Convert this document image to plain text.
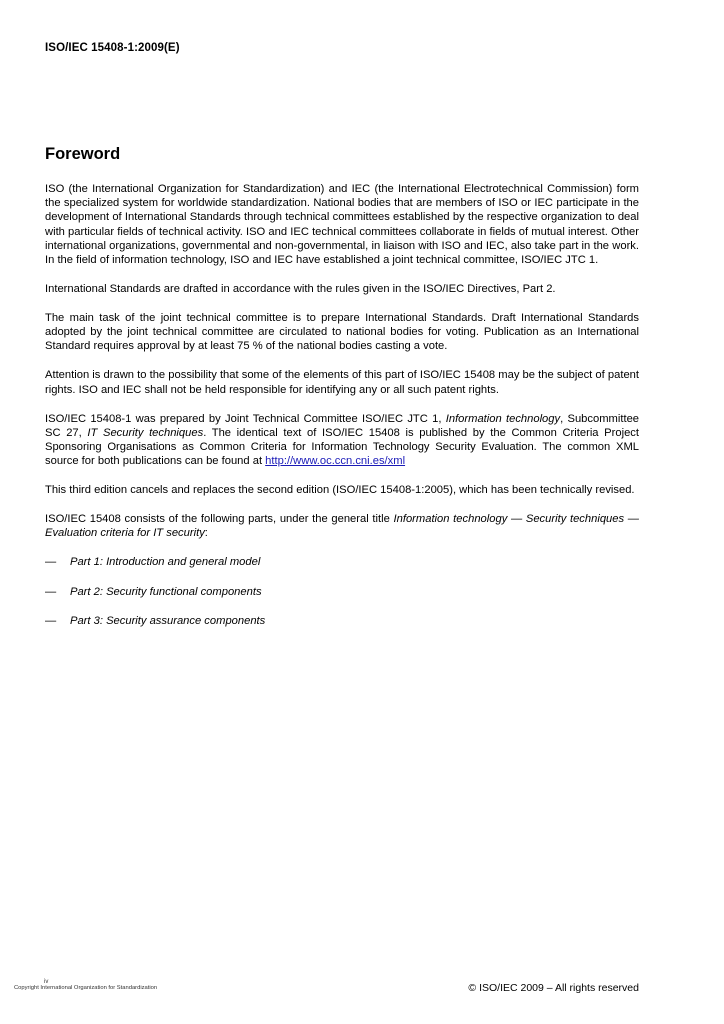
ISO/IEC 15408-1:2009(E)
Foreword

ISO (the International Organization for Standardization) and IEC (the International Electrotechnical Commission) form the specialized system for worldwide standardization. National bodies that are members of ISO or IEC participate in the development of International Standards through technical committees established by the respective organization to deal with particular fields of technical activity. ISO and IEC technical committees collaborate in fields of mutual interest. Other international organizations, governmental and non-governmental, in liaison with ISO and IEC, also take part in the work. In the field of information technology, ISO and IEC have established a joint technical committee, ISO/IEC JTC 1.

International Standards are drafted in accordance with the rules given in the ISO/IEC Directives, Part 2.

The main task of the joint technical committee is to prepare International Standards. Draft International Standards adopted by the joint technical committee are circulated to national bodies for voting. Publication as an International Standard requires approval by at least 75 % of the national bodies casting a vote.

Attention is drawn to the possibility that some of the elements of this part of ISO/IEC 15408 may be the subject of patent rights. ISO and IEC shall not be held responsible for identifying any or all such patent rights.

ISO/IEC 15408-1 was prepared by Joint Technical Committee ISO/IEC JTC 1, Information technology, Subcommittee SC 27, IT Security techniques. The identical text of ISO/IEC 15408 is published by the Common Criteria Project Sponsoring Organisations as Common Criteria for Information Technology Security Evaluation. The common XML source for both publications can be found at http://www.oc.ccn.cni.es/xml

This third edition cancels and replaces the second edition (ISO/IEC 15408-1:2005), which has been technically revised.

ISO/IEC 15408 consists of the following parts, under the general title Information technology — Security techniques — Evaluation criteria for IT security:

— Part 1: Introduction and general model
— Part 2: Security functional components
— Part 3: Security assurance components
iv
Copyright International Organization for Standardization	© ISO/IEC 2009 – All rights reserved
